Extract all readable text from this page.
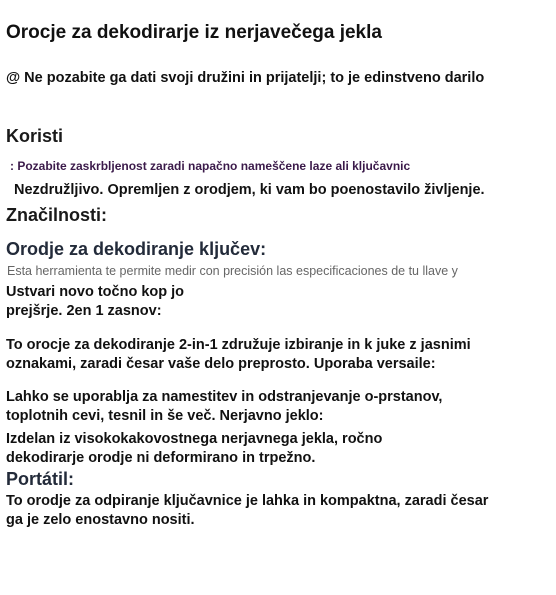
Orocje za dekodirarje iz nerjavečega jekla

@ Ne pozabite ga dati svoji družini in prijatelji; to je edinstveno darilo

Koristi
: Pozabite zaskrbljenost zaradi napačno nameščene laze ali ključavnic

Nezdružljivo. Opremljen z orodjem, ki vam bo poenostavilo življenje.

Značilnosti:
Orodje za dekodiranje ključev:
Esta herramienta te permite medir con precisión las especificaciones de tu llave y

Ustvari novo točno kop jo

prejšrje. 2en 1 zasnov:

To orocje za dekodiranje 2-in-1 združuje izbiranje in k juke z jasnimi oznakami, zaradi česar vaše delo preprosto. Uporaba versaile:

Lahko se uporablja za namestitev in odstranjevanje o-prstanov, toplotnih cevi, tesnil in še več. Nerjavno jeklo:

Izdelan iz visokokakovostnega nerjavnega jekla, ročno dekodirarje orodje ni deformirano in trpežno.

Portátil:

To orodje za odpiranje ključavnice je lahka in kompaktna, zaradi česar ga je zelo enostavno nositi.
